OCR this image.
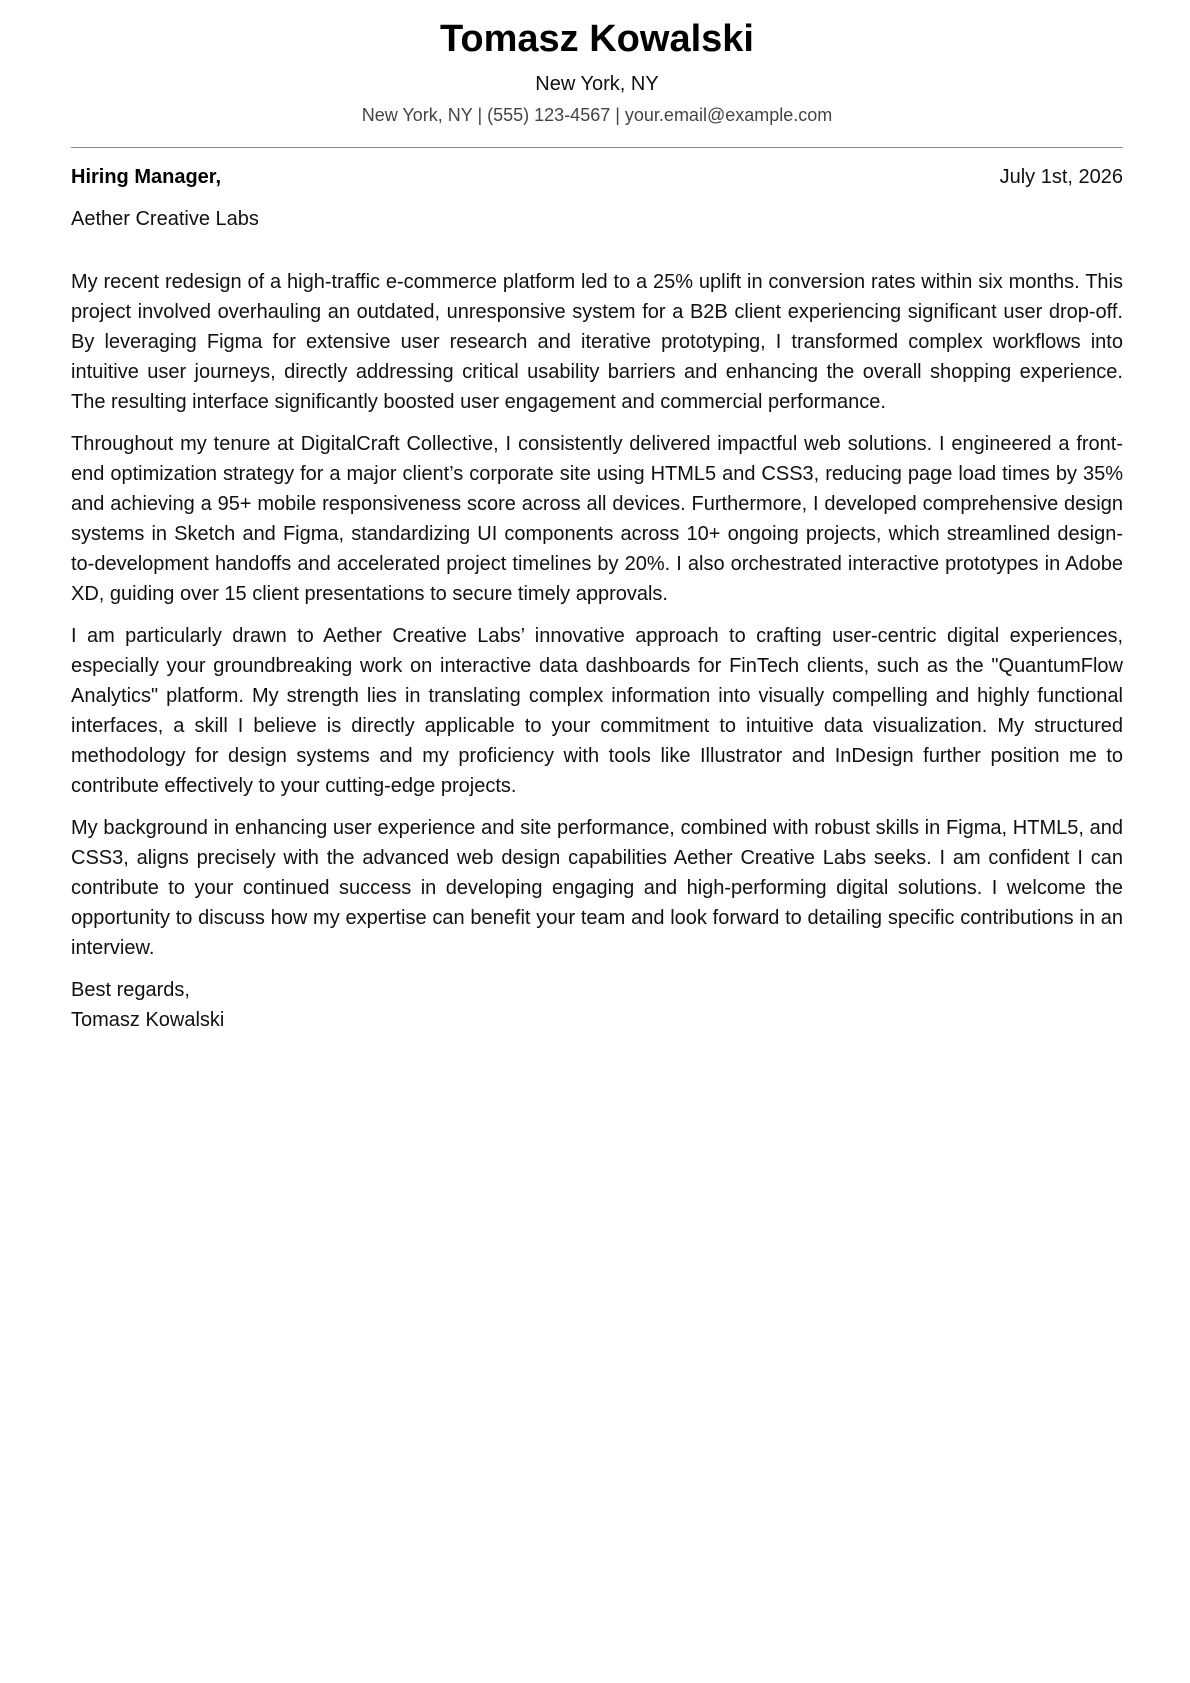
Tomasz Kowalski
New York, NY
New York, NY | (555) 123-4567 | your.email@example.com
Hiring Manager,	July 1st, 2026
Aether Creative Labs

My recent redesign of a high-traffic e-commerce platform led to a 25% uplift in conversion rates within six months. This project involved overhauling an outdated, unresponsive system for a B2B client experiencing significant user drop-off. By leveraging Figma for extensive user research and iterative prototyping, I transformed complex workflows into intuitive user journeys, directly addressing critical usability barriers and enhancing the overall shopping experience. The resulting interface significantly boosted user engagement and commercial performance.

Throughout my tenure at DigitalCraft Collective, I consistently delivered impactful web solutions. I engineered a front-end optimization strategy for a major client’s corporate site using HTML5 and CSS3, reducing page load times by 35% and achieving a 95+ mobile responsiveness score across all devices. Furthermore, I developed comprehensive design systems in Sketch and Figma, standardizing UI components across 10+ ongoing projects, which streamlined design-to-development handoffs and accelerated project timelines by 20%. I also orchestrated interactive prototypes in Adobe XD, guiding over 15 client presentations to secure timely approvals.

I am particularly drawn to Aether Creative Labs’ innovative approach to crafting user-centric digital experiences, especially your groundbreaking work on interactive data dashboards for FinTech clients, such as the "QuantumFlow Analytics" platform. My strength lies in translating complex information into visually compelling and highly functional interfaces, a skill I believe is directly applicable to your commitment to intuitive data visualization. My structured methodology for design systems and my proficiency with tools like Illustrator and InDesign further position me to contribute effectively to your cutting-edge projects.

My background in enhancing user experience and site performance, combined with robust skills in Figma, HTML5, and CSS3, aligns precisely with the advanced web design capabilities Aether Creative Labs seeks. I am confident I can contribute to your continued success in developing engaging and high-performing digital solutions. I welcome the opportunity to discuss how my expertise can benefit your team and look forward to detailing specific contributions in an interview.

Best regards,
Tomasz Kowalski
